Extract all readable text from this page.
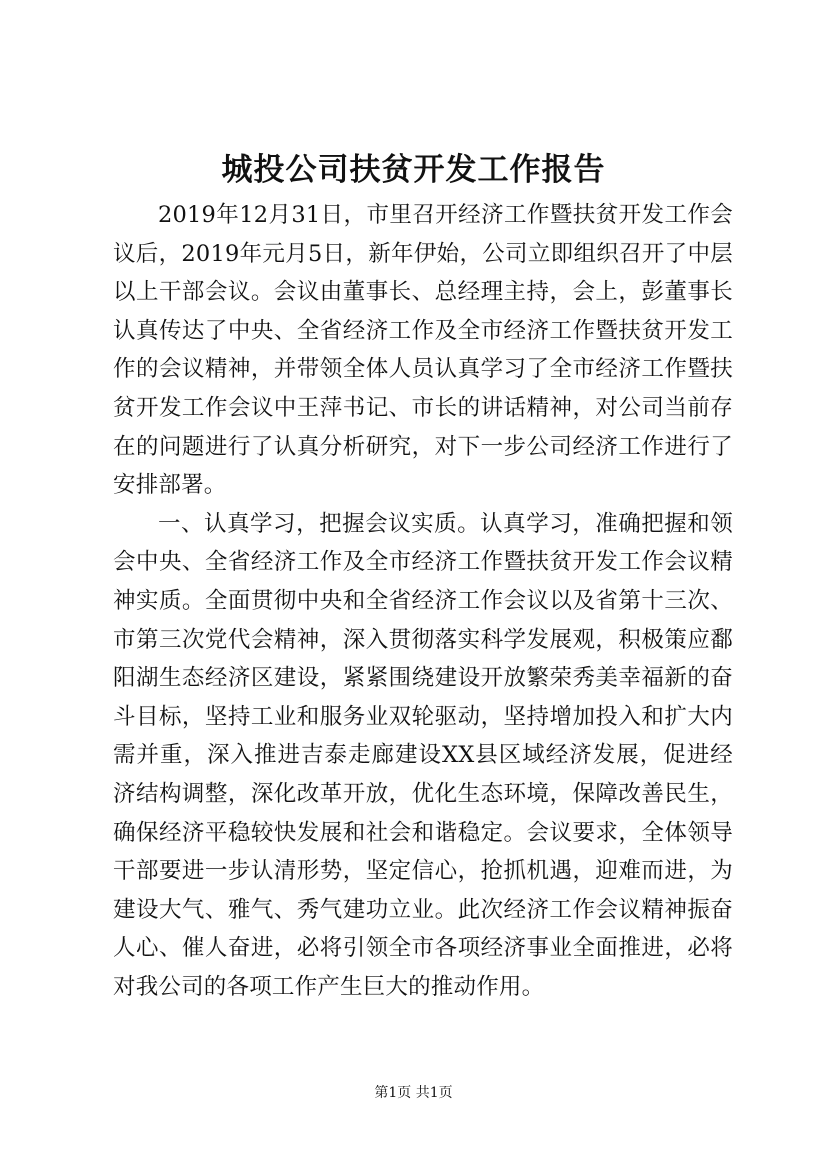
城投公司扶贫开发工作报告

2019年12月31日，市里召开经济工作暨扶贫开发工作会议后，2019年元月5日，新年伊始，公司立即组织召开了中层以上干部会议。会议由董事长、总经理主持，会上，彭董事长认真传达了中央、全省经济工作及全市经济工作暨扶贫开发工作的会议精神，并带领全体人员认真学习了全市经济工作暨扶贫开发工作会议中王萍书记、市长的讲话精神，对公司当前存在的问题进行了认真分析研究，对下一步公司经济工作进行了安排部署。

一、认真学习，把握会议实质。认真学习，准确把握和领会中央、全省经济工作及全市经济工作暨扶贫开发工作会议精神实质。全面贯彻中央和全省经济工作会议以及省第十三次、市第三次党代会精神，深入贯彻落实科学发展观，积极策应鄱阳湖生态经济区建设，紧紧围绕建设开放繁荣秀美幸福新的奋斗目标，坚持工业和服务业双轮驱动，坚持增加投入和扩大内需并重，深入推进吉泰走廊建设XX县区域经济发展，促进经济结构调整，深化改革开放，优化生态环境，保障改善民生，确保经济平稳较快发展和社会和谐稳定。会议要求，全体领导干部要进一步认清形势，坚定信心，抢抓机遇，迎难而进，为建设大气、雅气、秀气建功立业。此次经济工作会议精神振奋人心、催人奋进，必将引领全市各项经济事业全面推进，必将对我公司的各项工作产生巨大的推动作用。

第1页 共1页
